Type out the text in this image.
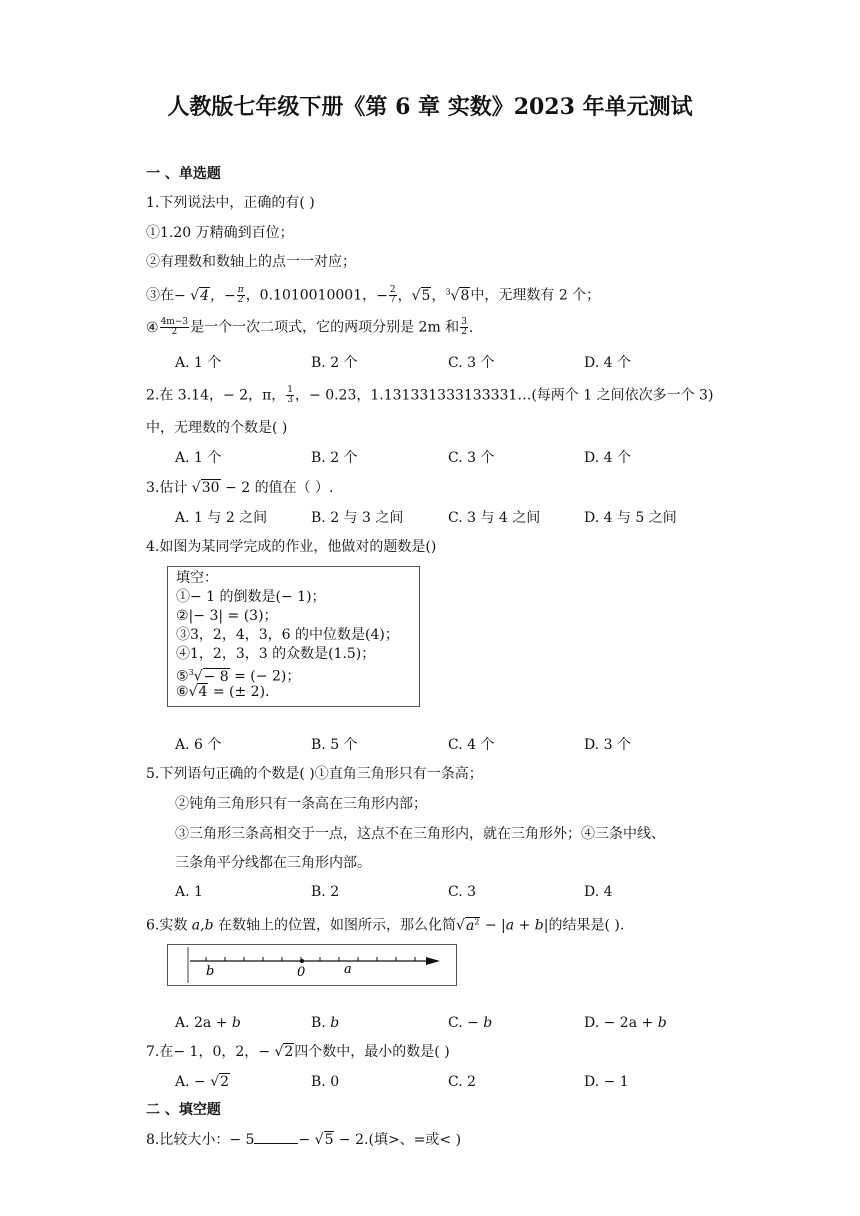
人教版七年级下册《第 6 章 实数》2023 年单元测试
一 、单选题
1.下列说法中，正确的有( )
①1.20 万精确到百位；
②有理数和数轴上的点一一对应；
③在− √4，− $\frac{\pi}{2}$ ，0.1010010001，− $\frac{2}{7}$ ，√5，$^3$√8中，无理数有 2 个；
④ $\frac{4m-3}{2}$ 是一个一次二项式，它的两项分别是 2m 和 $\frac{3}{2}$ .
A. 1 个	B. 2 个	C. 3 个	D. 4 个
2.在 3.14，− 2，π， $\frac{1}{3}$ ，− 0.23，1.131331333133331…(每两个 1 之间依次多一个 3)
中，无理数的个数是( )
A. 1 个	B. 2 个	C. 3 个	D. 4 个
3.估计 √30 − 2 的值在（ ）.
A. 1 与 2 之间	B. 2 与 3 之间	C. 3 与 4 之间	D. 4 与 5 之间
4.如图为某同学完成的作业，他做对的题数是()
填空：
①− 1 的倒数是(− 1)；
②|− 3| = (3)；
③3，2，4，3，6 的中位数是(4)；
④1，2，3，3 的众数是(1.5)；
⑤$^3$√− 8 = (− 2)；
⑥√4 = (± 2).
A. 6 个	B. 5 个	C. 4 个	D. 3 个
5.下列语句正确的个数是( )①直角三角形只有一条高；
②钝角三角形只有一条高在三角形内部；
③三角形三条高相交于一点，这点不在三角形内，就在三角形外；④三条中线、
三条角平分线都在三角形内部。
A. 1	B. 2	C. 3	D. 4
6.实数 a,b 在数轴上的位置，如图所示，那么化简$√a^2 - |a + b|$的结果是( ).
b	0	a
A. 2a + b	B. b	C. − b	D. − 2a + b
7.在− 1，0，2，− √2四个数中，最小的数是( )
A. − √2	B. 0	C. 2	D. − 1
二 、填空题
8.比较大小：− 5	− √5 − 2.(填>、=或< )
